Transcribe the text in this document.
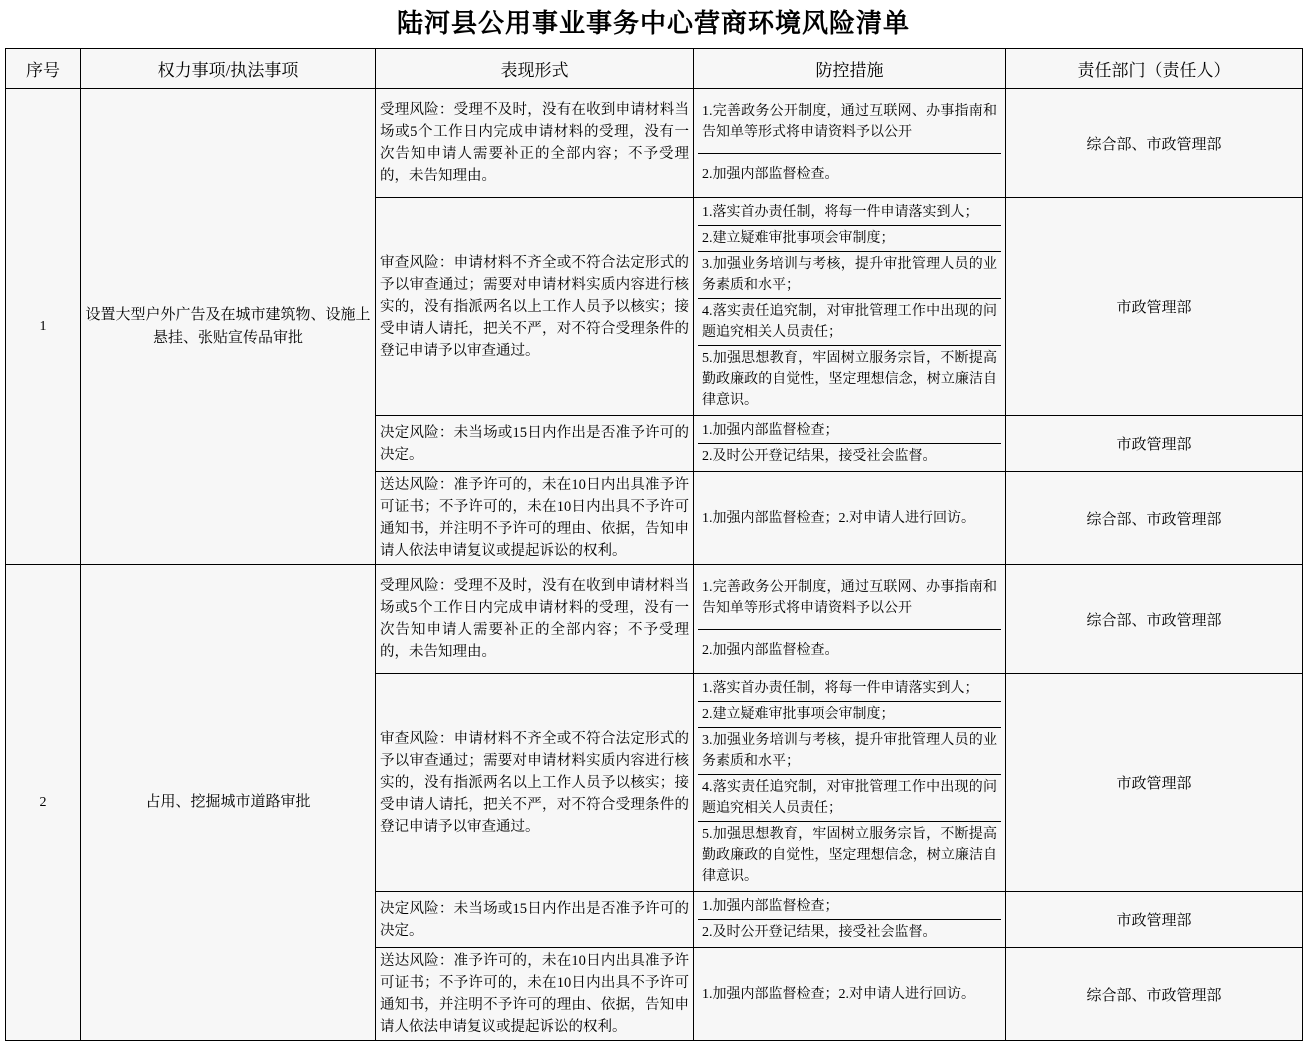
陆河县公用事业事务中心营商环境风险清单
序号	权力事项/执法事项	表现形式	防控措施	责任部门（责任人）
1	设置大型户外广告及在城市建筑物、设施上悬挂、张贴宣传品审批	受理风险：受理不及时，没有在收到申请材料当场或5个工作日内完成申请材料的受理，没有一次告知申请人需要补正的全部内容；不予受理的，未告知理由。	1.完善政务公开制度，通过互联网、办事指南和告知单等形式将申请资料予以公开
2.加强内部监督检查。	综合部、市政管理部
		审查风险：申请材料不齐全或不符合法定形式的予以审查通过；需要对申请材料实质内容进行核实的，没有指派两名以上工作人员予以核实；接受申请人请托，把关不严，对不符合受理条件的登记申请予以审查通过。	1.落实首办责任制，将每一件申请落实到人；
2.建立疑难审批事项会审制度；
3.加强业务培训与考核，提升审批管理人员的业务素质和水平；
4.落实责任追究制，对审批管理工作中出现的问题追究相关人员责任；
5.加强思想教育，牢固树立服务宗旨，不断提高勤政廉政的自觉性，坚定理想信念，树立廉洁自律意识。	市政管理部
		决定风险：未当场或15日内作出是否准予许可的决定。	1.加强内部监督检查；
2.及时公开登记结果，接受社会监督。	市政管理部
		送达风险：准予许可的，未在10日内出具准予许可证书；不予许可的，未在10日内出具不予许可通知书，并注明不予许可的理由、依据，告知申请人依法申请复议或提起诉讼的权利。	1.加强内部监督检查；2.对申请人进行回访。	综合部、市政管理部
2	占用、挖掘城市道路审批	受理风险：受理不及时，没有在收到申请材料当场或5个工作日内完成申请材料的受理，没有一次告知申请人需要补正的全部内容；不予受理的，未告知理由。	1.完善政务公开制度，通过互联网、办事指南和告知单等形式将申请资料予以公开
2.加强内部监督检查。	综合部、市政管理部
		审查风险：申请材料不齐全或不符合法定形式的予以审查通过；需要对申请材料实质内容进行核实的，没有指派两名以上工作人员予以核实；接受申请人请托，把关不严，对不符合受理条件的登记申请予以审查通过。	1.落实首办责任制，将每一件申请落实到人；
2.建立疑难审批事项会审制度；
3.加强业务培训与考核，提升审批管理人员的业务素质和水平；
4.落实责任追究制，对审批管理工作中出现的问题追究相关人员责任；
5.加强思想教育，牢固树立服务宗旨，不断提高勤政廉政的自觉性，坚定理想信念，树立廉洁自律意识。	市政管理部
		决定风险：未当场或15日内作出是否准予许可的决定。	1.加强内部监督检查；
2.及时公开登记结果，接受社会监督。	市政管理部
		送达风险：准予许可的，未在10日内出具准予许可证书；不予许可的，未在10日内出具不予许可通知书，并注明不予许可的理由、依据，告知申请人依法申请复议或提起诉讼的权利。	1.加强内部监督检查；2.对申请人进行回访。	综合部、市政管理部
